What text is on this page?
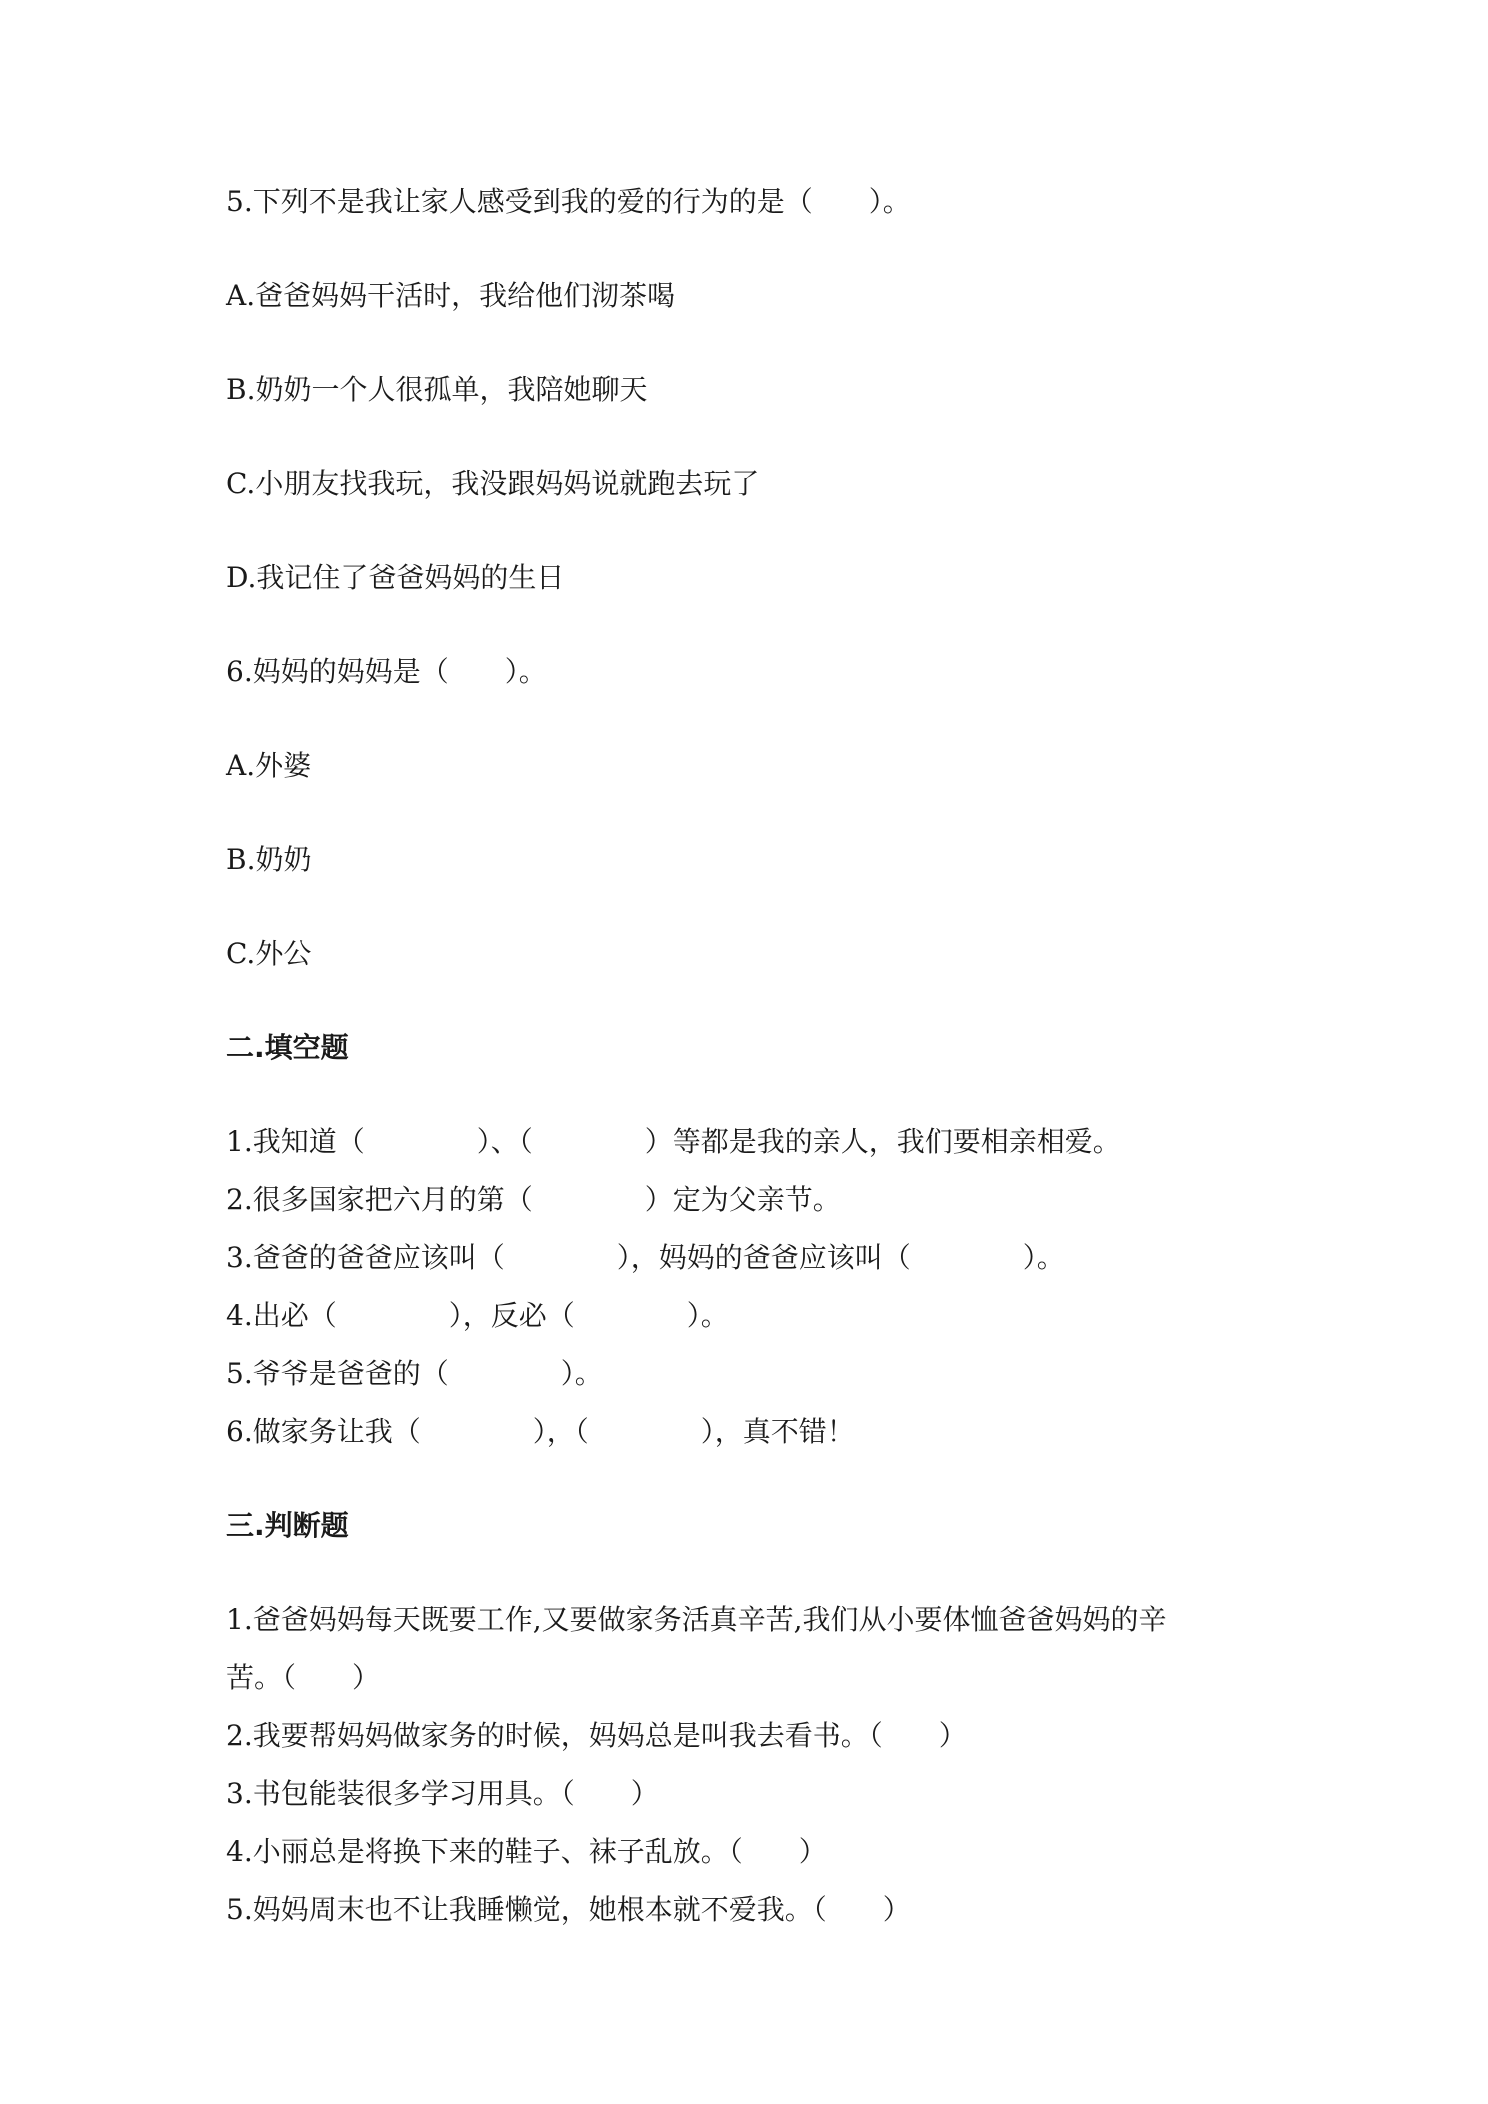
5.下列不是我让家人感受到我的爱的行为的是（　　）。
A.爸爸妈妈干活时，我给他们沏茶喝
B.奶奶一个人很孤单，我陪她聊天
C.小朋友找我玩，我没跟妈妈说就跑去玩了
D.我记住了爸爸妈妈的生日
6.妈妈的妈妈是（　　）。
A.外婆
B.奶奶
C.外公
二.填空题
1.我知道（　　　　）、（　　　　）等都是我的亲人，我们要相亲相爱。
2.很多国家把六月的第（　　　　）定为父亲节。
3.爸爸的爸爸应该叫（　　　　），妈妈的爸爸应该叫（　　　　）。
4.出必（　　　　），反必（　　　　）。
5.爷爷是爸爸的（　　　　）。
6.做家务让我（　　　　），（　　　　），真不错！
三.判断题
1.爸爸妈妈每天既要工作,又要做家务活真辛苦,我们从小要体恤爸爸妈妈的辛
苦。（　　）
2.我要帮妈妈做家务的时候，妈妈总是叫我去看书。（　　）
3.书包能装很多学习用具。（　　）
4.小丽总是将换下来的鞋子、袜子乱放。（　　）
5.妈妈周末也不让我睡懒觉，她根本就不爱我。（　　）
